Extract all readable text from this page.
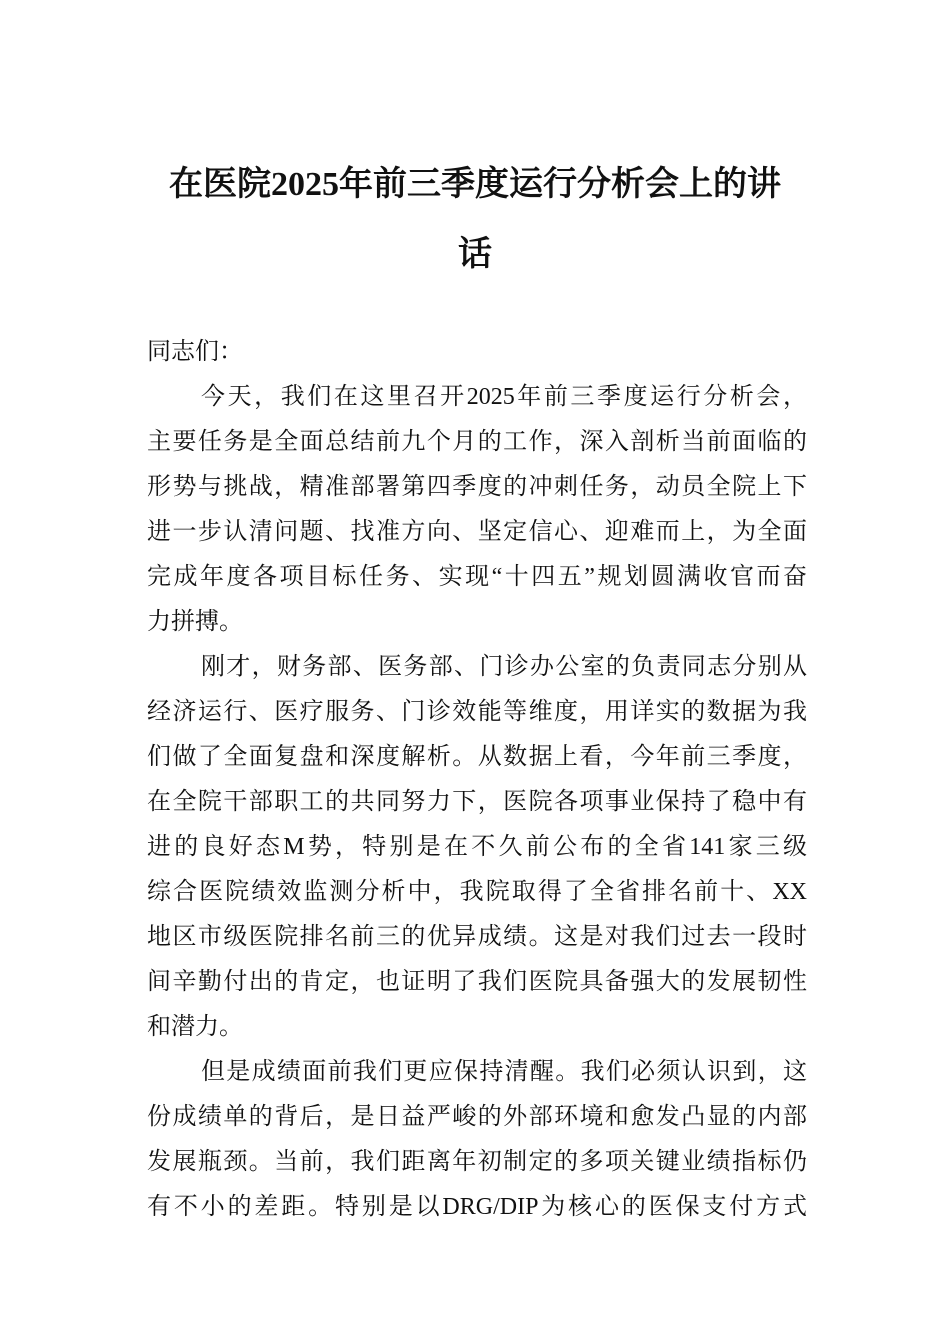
在医院2025年前三季度运行分析会上的讲
话
同志们：
今天，我们在这里召开2025年前三季度运行分析会，
主要任务是全面总结前九个月的工作，深入剖析当前面临的
形势与挑战，精准部署第四季度的冲刺任务，动员全院上下
进一步认清问题、找准方向、坚定信心、迎难而上，为全面
完成年度各项目标任务、实现“十四五”规划圆满收官而奋
力拼搏。
刚才，财务部、医务部、门诊办公室的负责同志分别从
经济运行、医疗服务、门诊效能等维度，用详实的数据为我
们做了全面复盘和深度解析。从数据上看，今年前三季度，
在全院干部职工的共同努力下，医院各项事业保持了稳中有
进的良好态M势，特别是在不久前公布的全省141家三级
综合医院绩效监测分析中，我院取得了全省排名前十、XX
地区市级医院排名前三的优异成绩。这是对我们过去一段时
间辛勤付出的肯定，也证明了我们医院具备强大的发展韧性
和潜力。
但是成绩面前我们更应保持清醒。我们必须认识到，这
份成绩单的背后，是日益严峻的外部环境和愈发凸显的内部
发展瓶颈。当前，我们距离年初制定的多项关键业绩指标仍
有不小的差距。特别是以DRG/DIP为核心的医保支付方式
